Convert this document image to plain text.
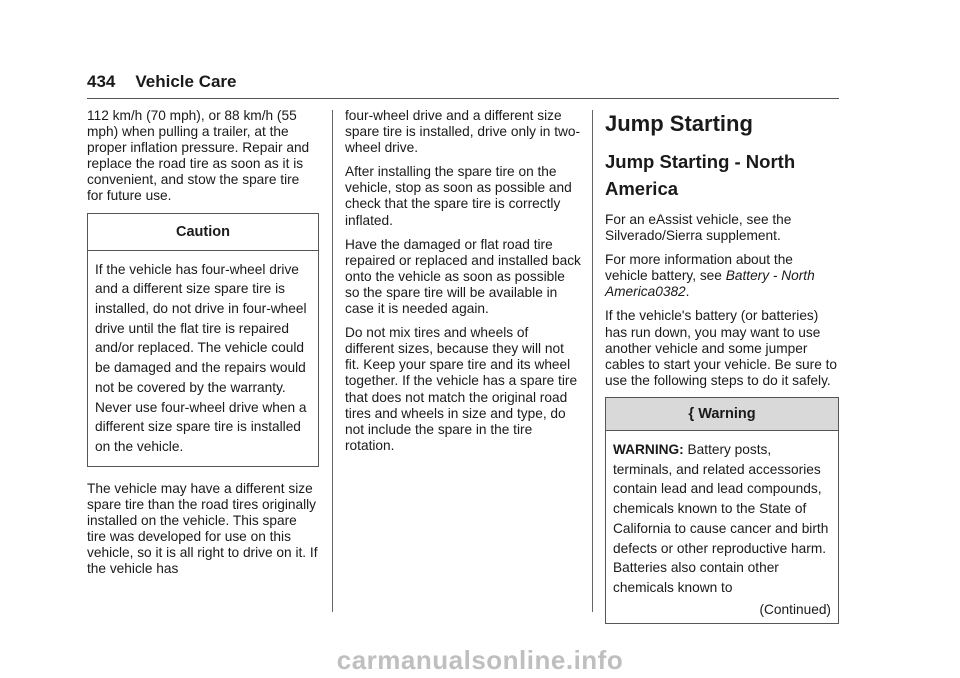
434 Vehicle Care

112 km/h (70 mph), or 88 km/h (55 mph) when pulling a trailer, at the proper inflation pressure. Repair and replace the road tire as soon as it is convenient, and stow the spare tire for future use.

Caution
If the vehicle has four-wheel drive and a different size spare tire is installed, do not drive in four-wheel drive until the flat tire is repaired and/or replaced. The vehicle could be damaged and the repairs would not be covered by the warranty. Never use four-wheel drive when a different size spare tire is installed on the vehicle.

The vehicle may have a different size spare tire than the road tires originally installed on the vehicle. This spare tire was developed for use on this vehicle, so it is all right to drive on it. If the vehicle has

four-wheel drive and a different size spare tire is installed, drive only in two-wheel drive.

After installing the spare tire on the vehicle, stop as soon as possible and check that the spare tire is correctly inflated.

Have the damaged or flat road tire repaired or replaced and installed back onto the vehicle as soon as possible so the spare tire will be available in case it is needed again.

Do not mix tires and wheels of different sizes, because they will not fit. Keep your spare tire and its wheel together. If the vehicle has a spare tire that does not match the original road tires and wheels in size and type, do not include the spare in the tire rotation.

Jump Starting
Jump Starting - North America

For an eAssist vehicle, see the Silverado/Sierra supplement.

For more information about the vehicle battery, see Battery - North America0382.

If the vehicle's battery (or batteries) has run down, you may want to use another vehicle and some jumper cables to start your vehicle. Be sure to use the following steps to do it safely.

{ Warning
WARNING: Battery posts, terminals, and related accessories contain lead and lead compounds, chemicals known to the State of California to cause cancer and birth defects or other reproductive harm. Batteries also contain other chemicals known to
(Continued)
carmanualsonline.info
